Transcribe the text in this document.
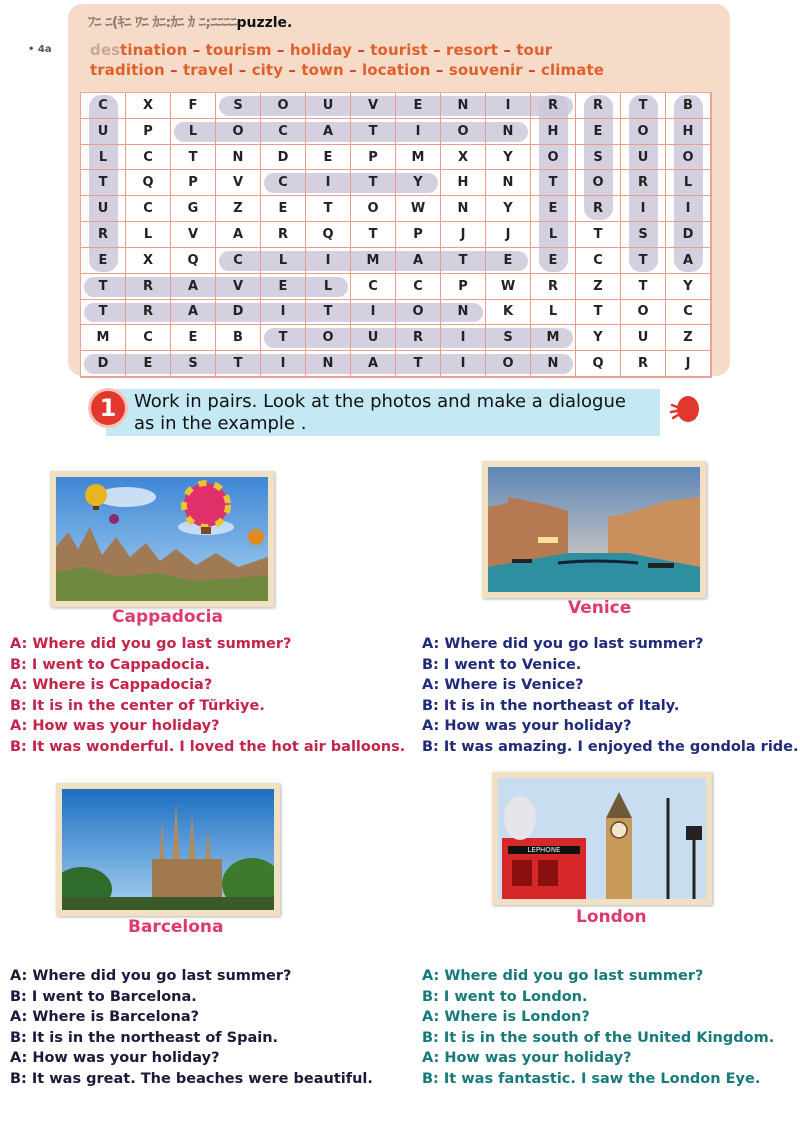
ﾌﾆ ﾆ(ｷﾆ ﾜﾆ ｶﾆ:ｶﾆ ｶ ﾆ;ﾆﾆﾆﾆpuzzle.
• 4a	destination – tourism – holiday – tourist – resort – tour
tradition – travel – city – town – location – souvenir – climate
C	X	F	S	O	U	V	E	N	I	R	R	T	B
U	P	L	O	C	A	T	I	O	N	H	E	O	H
L	C	T	N	D	E	P	M	X	Y	O	S	U	O
T	Q	P	V	C	I	T	Y	H	N	T	O	R	L
U	C	G	Z	E	T	O	W	N	Y	E	R	I	I
R	L	V	A	R	Q	T	P	J	J	L	T	S	D
E	X	Q	C	L	I	M	A	T	E	E	C	T	A
T	R	A	V	E	L	C	C	P	W	R	Z	T	Y
T	R	A	D	I	T	I	O	N	K	L	T	O	C
M	C	E	B	T	O	U	R	I	S	M	Y	U	Z
D	E	S	T	I	N	A	T	I	O	N	Q	R	J
1 Work in pairs. Look at the photos and make a dialogue
as in the example .
Cappadocia	Venice
Barcelona
LEPHONE
London
A: Where did you go last summer?
B: I went to Cappadocia.
A: Where is Cappadocia?
B: It is in the center of Türkiye.
A: How was your holiday?
B: It was wonderful. I loved the hot air balloons.
A: Where did you go last summer?
B: I went to Venice.
A: Where is Venice?
B: It is in the northeast of Italy.
A: How was your holiday?
B: It was amazing. I enjoyed the gondola ride.
A: Where did you go last summer?
B: I went to Barcelona.
A: Where is Barcelona?
B: It is in the northeast of Spain.
A: How was your holiday?
B: It was great. The beaches were beautiful.
A: Where did you go last summer?
B: I went to London.
A: Where is London?
B: It is in the south of the United Kingdom.
A: How was your holiday?
B: It was fantastic. I saw the London Eye.
